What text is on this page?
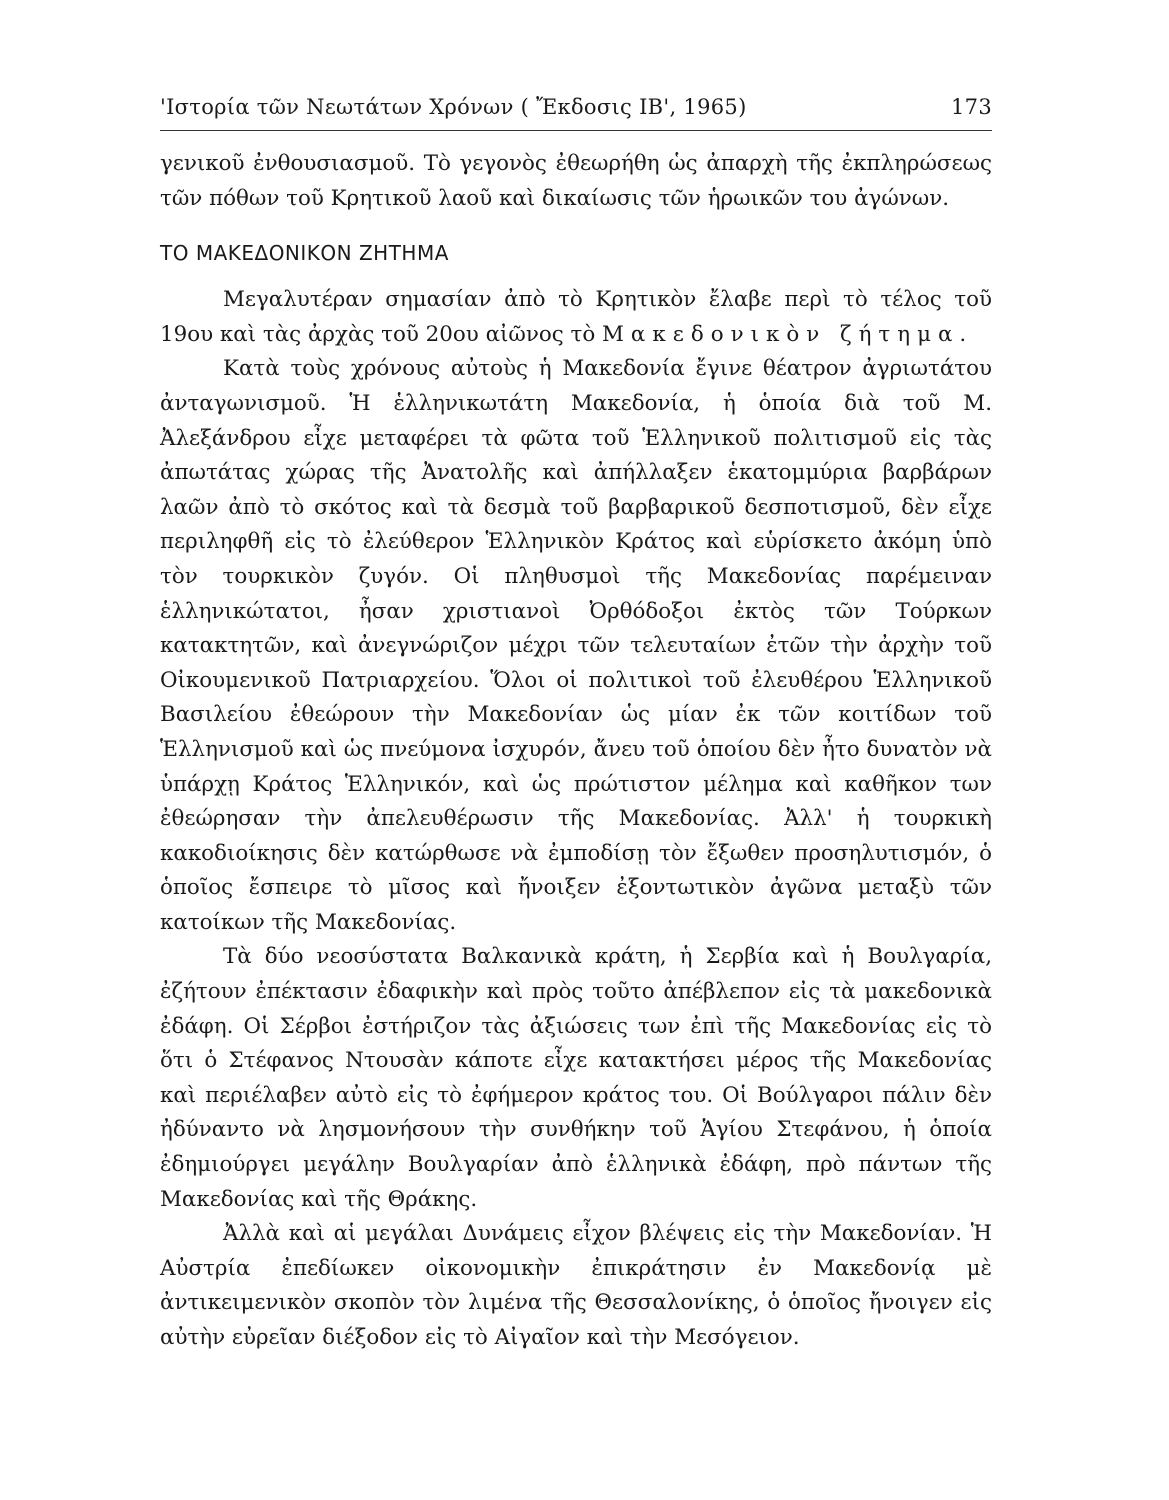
'Ιστορία τῶν Νεωτάτων Χρόνων ( Ἔκδοσις ΙΒ', 1965)	173

γενικοῦ ἐνθουσιασμοῦ. Τὸ γεγονὸς ἐθεωρήθη ὡς ἀπαρχὴ τῆς ἐκπληρώσεως τῶν πόθων τοῦ Κρητικοῦ λαοῦ καὶ δικαίωσις τῶν ἡρωικῶν του ἀγώνων.

ΤΟ ΜΑΚΕΔΟΝΙΚΟΝ ΖΗΤΗΜΑ

Μεγαλυτέραν σημασίαν ἀπὸ τὸ Κρητικὸν ἔλαβε περὶ τὸ τέλος τοῦ 19ου καὶ τὰς ἀρχὰς τοῦ 20ου αἰῶνος τὸ Μακεδονικὸν ζήτημα.

Κατὰ τοὺς χρόνους αὐτοὺς ἡ Μακεδονία ἔγινε θέατρον ἀγριωτάτου ἀνταγωνισμοῦ. Ἡ ἑλληνικωτάτη Μακεδονία, ἡ ὁποία διὰ τοῦ Μ. Ἀλεξάνδρου εἶχε μεταφέρει τὰ φῶτα τοῦ Ἑλληνικοῦ πολιτισμοῦ εἰς τὰς ἀπωτάτας χώρας τῆς Ἀνατολῆς καὶ ἀπήλλαξεν ἑκατομμύρια βαρβάρων λαῶν ἀπὸ τὸ σκότος καὶ τὰ δεσμὰ τοῦ βαρβαρικοῦ δεσποτισμοῦ, δὲν εἶχε περιληφθῆ εἰς τὸ ἐλεύθερον Ἑλληνικὸν Κράτος καὶ εὑρίσκετο ἀκόμη ὑπὸ τὸν τουρκικὸν ζυγόν. Οἱ πληθυσμοὶ τῆς Μακεδονίας παρέμειναν ἑλληνικώτατοι, ἦσαν χριστιανοὶ Ὀρθόδοξοι ἐκτὸς τῶν Τούρκων κατακτητῶν, καὶ ἀνεγνώριζον μέχρι τῶν τελευταίων ἐτῶν τὴν ἀρχὴν τοῦ Οἰκουμενικοῦ Πατριαρχείου. Ὅλοι οἱ πολιτικοὶ τοῦ ἐλευθέρου Ἑλληνικοῦ Βασιλείου ἐθεώρουν τὴν Μακεδονίαν ὡς μίαν ἐκ τῶν κοιτίδων τοῦ Ἑλληνισμοῦ καὶ ὡς πνεύμονα ἰσχυρόν, ἄνευ τοῦ ὁποίου δὲν ἦτο δυνατὸν νὰ ὑπάρχῃ Κράτος Ἑλληνικόν, καὶ ὡς πρώτιστον μέλημα καὶ καθῆκον των ἐθεώρησαν τὴν ἀπελευθέρωσιν τῆς Μακεδονίας. Ἀλλ' ἡ τουρκικὴ κακοδιοίκησις δὲν κατώρθωσε νὰ ἐμποδίσῃ τὸν ἔξωθεν προσηλυτισμόν, ὁ ὁποῖος ἔσπειρε τὸ μῖσος καὶ ἤνοιξεν ἐξοντωτικὸν ἀγῶνα μεταξὺ τῶν κατοίκων τῆς Μακεδονίας.

Τὰ δύο νεοσύστατα Βαλκανικὰ κράτη, ἡ Σερβία καὶ ἡ Βουλγαρία, ἐζήτουν ἐπέκτασιν ἐδαφικὴν καὶ πρὸς τοῦτο ἀπέβλεπον εἰς τὰ μακεδονικὰ ἐδάφη. Οἱ Σέρβοι ἐστήριζον τὰς ἀξιώσεις των ἐπὶ τῆς Μακεδονίας εἰς τὸ ὅτι ὁ Στέφανος Ντουσὰν κάποτε εἶχε κατακτήσει μέρος τῆς Μακεδονίας καὶ περιέλαβεν αὐτὸ εἰς τὸ ἐφήμερον κράτος του. Οἱ Βούλγαροι πάλιν δὲν ἠδύναντο νὰ λησμονήσουν τὴν συνθήκην τοῦ Ἁγίου Στεφάνου, ἡ ὁποία ἐδημιούργει μεγάλην Βουλγαρίαν ἀπὸ ἑλληνικὰ ἐδάφη, πρὸ πάντων τῆς Μακεδονίας καὶ τῆς Θράκης.

Ἀλλὰ καὶ αἱ μεγάλαι Δυνάμεις εἶχον βλέψεις εἰς τὴν Μακεδονίαν. Ἡ Αὐστρία ἐπεδίωκεν οἰκονομικὴν ἐπικράτησιν ἐν Μακεδονίᾳ μὲ ἀντικειμενικὸν σκοπὸν τὸν λιμένα τῆς Θεσσαλονίκης, ὁ ὁποῖος ἤνοιγεν εἰς αὐτὴν εὐρεῖαν διέξοδον εἰς τὸ Αἰγαῖον καὶ τὴν Μεσόγειον.
